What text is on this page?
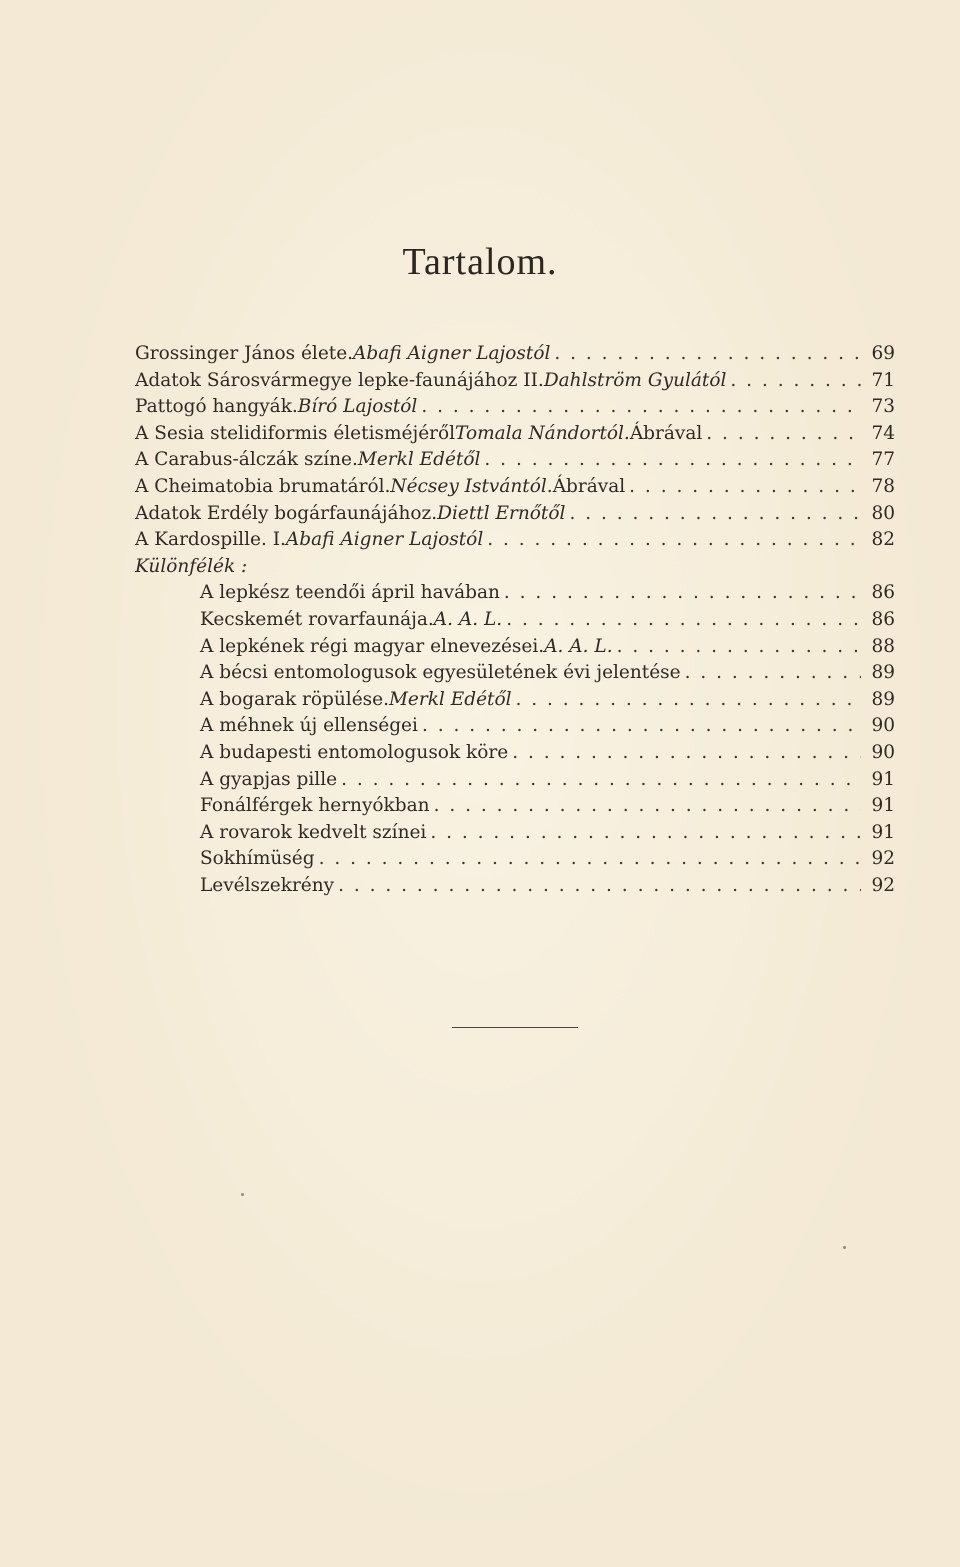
Tartalom.
Grossinger János élete. Abafi Aigner Lajostól . . .	69
Adatok Sárosvármegye lepke-faunájához II. Dahlström Gyulától . . .	71
Pattogó hangyák. Bíró Lajostól . . .	73
A Sesia stelidiformis életisméjéről Tomala Nándortól. Ábrával . . .	74
A Carabus-álczák színe. Merkl Edétől . . .	77
A Cheimatobia brumatáról. Nécsey Istvántól. Ábrával . . .	78
Adatok Erdély bogárfaunájához. Diettl Ernőtől . . .	80
A Kardospille. I. Abafi Aigner Lajostól . . .	82
Különfélék :
A lepkész teendői ápril havában . . .	86
Kecskemét rovarfaunája. A. A. L. . . .	86
A lepkének régi magyar elnevezései. A. A. L. . . .	88
A bécsi entomologusok egyesületének évi jelentése . . .	89
A bogarak röpülése. Merkl Edétől . . .	89
A méhnek új ellenségei . . .	90
A budapesti entomologusok köre . . .	90
A gyapjas pille . . .	91
Fonálférgek hernyókban . . .	91
A rovarok kedvelt színei . . .	91
Sokhímüség . . .	92
Levélszekrény . . .	92
